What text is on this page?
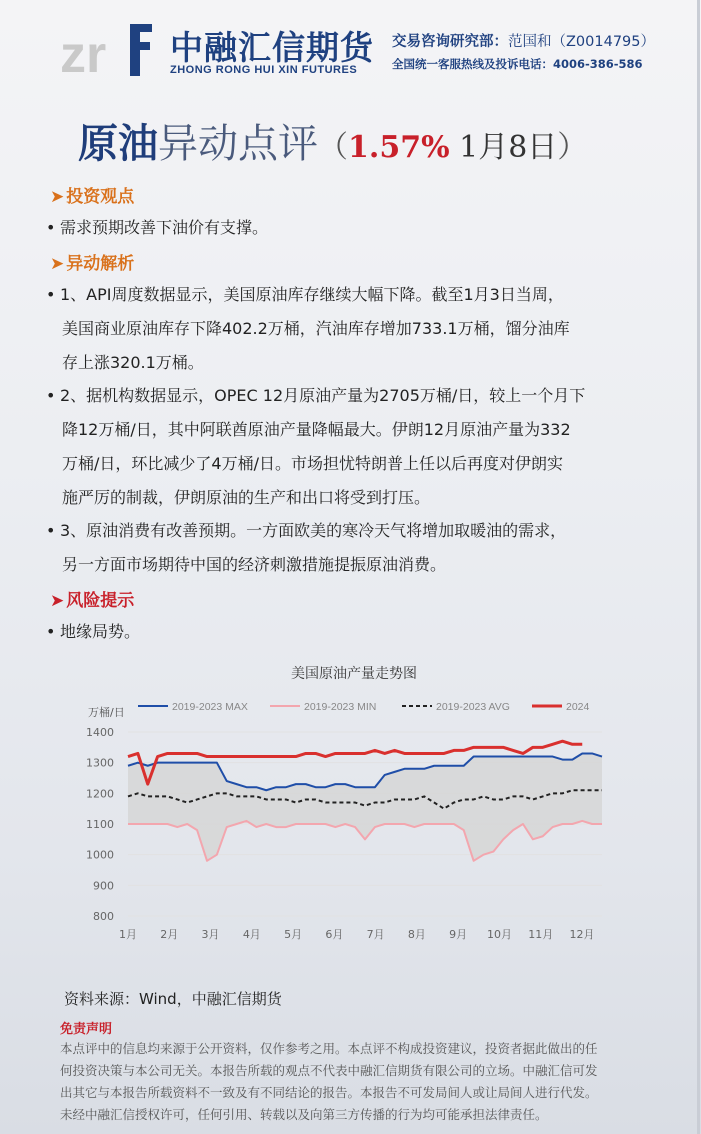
zr 中融汇信期货
ZHONG RONG HUI XIN FUTURES
交易咨询研究部：范国和（Z0014795）
全国统一客服热线及投诉电话：4006-386-586
原油异动点评（1.57% 1月8日）
➤ 投资观点
• 需求预期改善下油价有支撑。
➤ 异动解析
• 1、API周度数据显示，美国原油库存继续大幅下降。截至1月3日当周，
美国商业原油库存下降402.2万桶，汽油库存增加733.1万桶，馏分油库
存上涨320.1万桶。
• 2、据机构数据显示，OPEC 12月原油产量为2705万桶/日，较上一个月下
降12万桶/日，其中阿联酋原油产量降幅最大。伊朗12月原油产量为332
万桶/日，环比减少了4万桶/日。市场担忧特朗普上任以后再度对伊朗实
施严厉的制裁，伊朗原油的生产和出口将受到打压。
• 3、原油消费有改善预期。一方面欧美的寒冷天气将增加取暖油的需求，
另一方面市场期待中国的经济刺激措施提振原油消费。
➤ 风险提示
• 地缘局势。
美国原油产量走势图
万桶/日	2019-2023 MAX	2019-2023 MIN	2019-2023 AVG	2024
800
900
1000
1100
1200
1300
1400
1月 2月 3月 4月 5月 6月 7月 8月 9月 10月 11月 12月
资料来源：Wind，中融汇信期货
免责声明
本点评中的信息均来源于公开资料，仅作参考之用。本点评不构成投资建议，投资者据此做出的任
何投资决策与本公司无关。本报告所载的观点不代表中融汇信期货有限公司的立场。中融汇信可发
出其它与本报告所载资料不一致及有不同结论的报告。本报告不可发局间人或让局间人进行代发。
未经中融汇信授权许可，任何引用、转载以及向第三方传播的行为均可能承担法律责任。
